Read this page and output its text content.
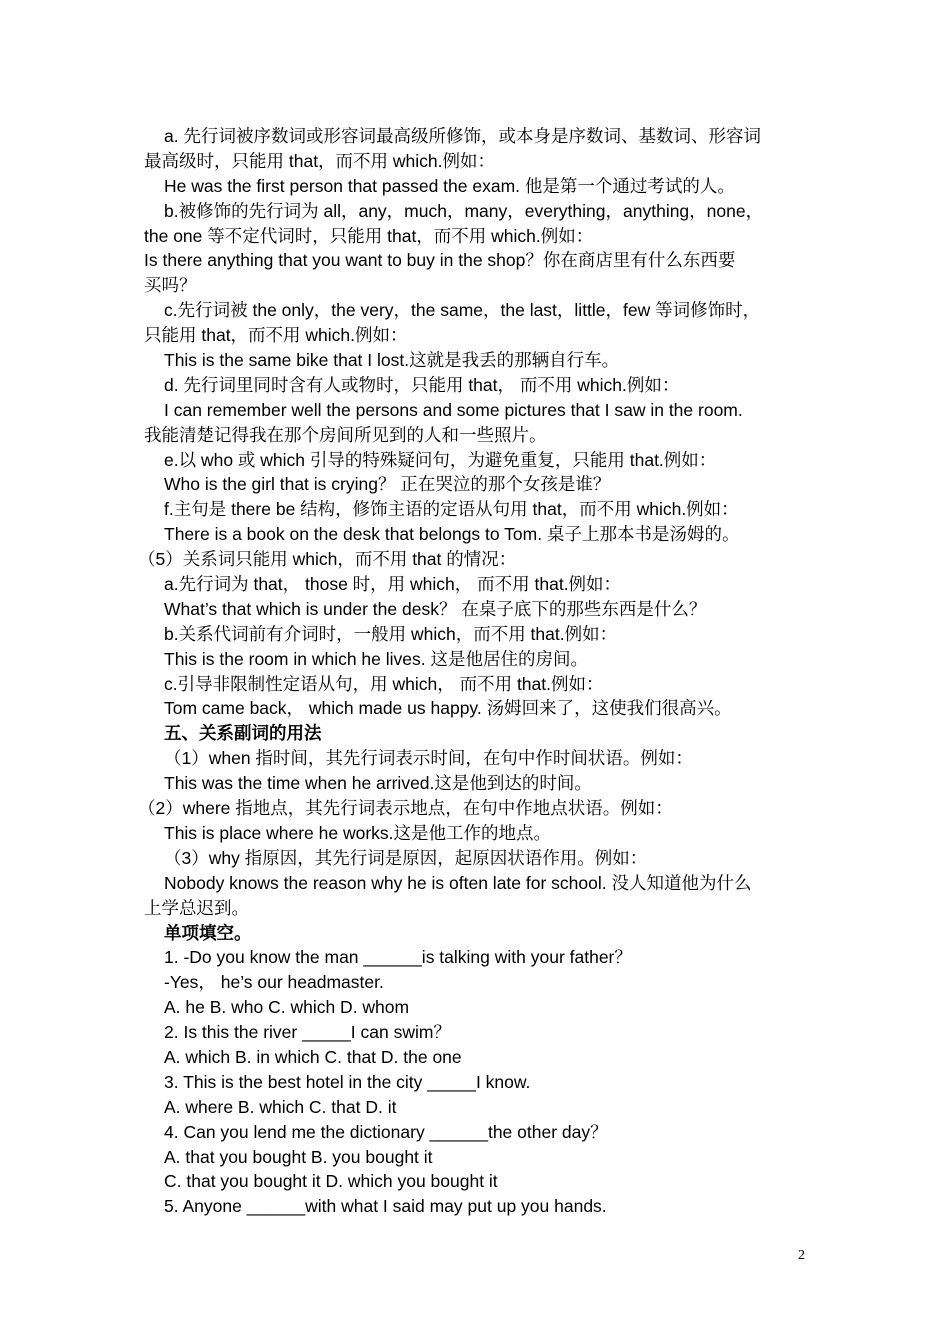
a. 先行词被序数词或形容词最高级所修饰，或本身是序数词、基数词、形容词
最高级时，只能用 that，而不用 which.例如：
He was the first person that passed the exam. 他是第一个通过考试的人。
b.被修饰的先行词为 all，any，much，many，everything，anything，none，
the one 等不定代词时，只能用 that，而不用 which.例如：
Is there anything that you want to buy in the shop？你在商店里有什么东西要
买吗？
c.先行词被 the only，the very，the same，the last，little，few 等词修饰时，
只能用 that，而不用 which.例如：
This is the same bike that I lost.这就是我丢的那辆自行车。
d. 先行词里同时含有人或物时，只能用 that， 而不用 which.例如：
I can remember well the persons and some pictures that I saw in the room.
我能清楚记得我在那个房间所见到的人和一些照片。
e.以 who 或 which 引导的特殊疑问句，为避免重复，只能用 that.例如：
Who is the girl that is crying？ 正在哭泣的那个女孩是谁？
f.主句是 there be 结构，修饰主语的定语从句用 that，而不用 which.例如：
There is a book on the desk that belongs to Tom. 桌子上那本书是汤姆的。
（5）关系词只能用 which，而不用 that 的情况：
a.先行词为 that， those 时，用 which， 而不用 that.例如：
What’s that which is under the desk？ 在桌子底下的那些东西是什么？
b.关系代词前有介词时，一般用 which，而不用 that.例如：
This is the room in which he lives. 这是他居住的房间。
c.引导非限制性定语从句，用 which， 而不用 that.例如：
Tom came back， which made us happy. 汤姆回来了，这使我们很高兴。
五、关系副词的用法
（1）when 指时间，其先行词表示时间，在句中作时间状语。例如：
This was the time when he arrived.这是他到达的时间。
（2）where 指地点，其先行词表示地点，在句中作地点状语。例如：
This is place where he works.这是他工作的地点。
（3）why 指原因，其先行词是原因，起原因状语作用。例如：
Nobody knows the reason why he is often late for school. 没人知道他为什么
上学总迟到。
单项填空。
1. -Do you know the man ______is talking with your father？
-Yes， he’s our headmaster.
A. he B. who C. which D. whom
2. Is this the river _____I can swim？
A. which B. in which C. that D. the one
3. This is the best hotel in the city _____I know.
A. where B. which C. that D. it
4. Can you lend me the dictionary ______the other day？
A. that you bought B. you bought it
C. that you bought it D. which you bought it
5. Anyone ______with what I said may put up you hands.
2
